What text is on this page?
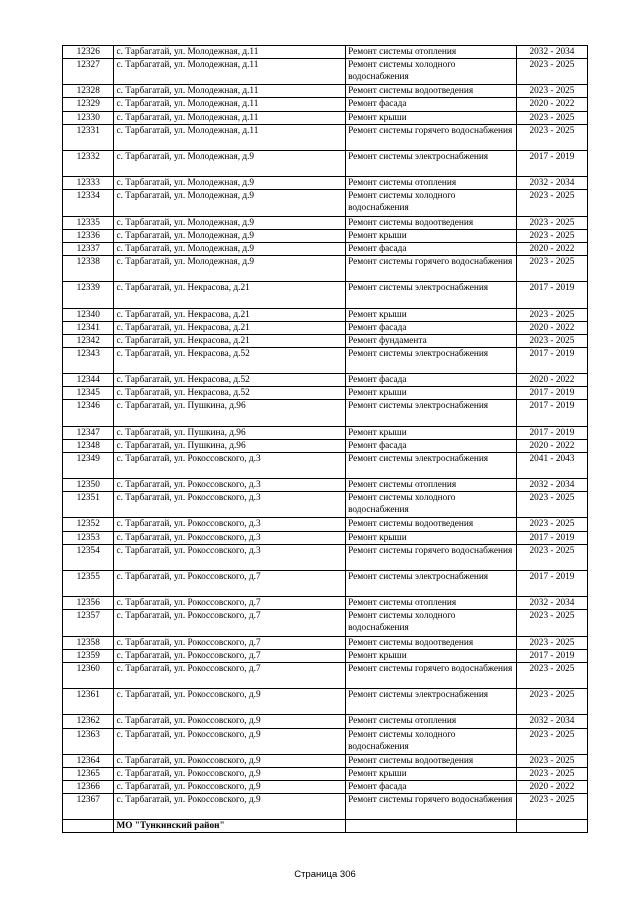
12326	с. Тарбагатай, ул. Молодежная, д.11	Ремонт системы отопления	2032 - 2034
12327	с. Тарбагатай, ул. Молодежная, д.11	Ремонт системы холодного водоснабжения	2023 - 2025
12328	с. Тарбагатай, ул. Молодежная, д.11	Ремонт системы водоотведения	2023 - 2025
12329	с. Тарбагатай, ул. Молодежная, д.11	Ремонт фасада	2020 - 2022
12330	с. Тарбагатай, ул. Молодежная, д.11	Ремонт крыши	2023 - 2025
12331	с. Тарбагатай, ул. Молодежная, д.11	Ремонт системы горячего водоснабжения	2023 - 2025
12332	с. Тарбагатай, ул. Молодежная, д.9	Ремонт системы электроснабжения	2017 - 2019
12333	с. Тарбагатай, ул. Молодежная, д.9	Ремонт системы отопления	2032 - 2034
12334	с. Тарбагатай, ул. Молодежная, д.9	Ремонт системы холодного водоснабжения	2023 - 2025
12335	с. Тарбагатай, ул. Молодежная, д.9	Ремонт системы водоотведения	2023 - 2025
12336	с. Тарбагатай, ул. Молодежная, д.9	Ремонт крыши	2023 - 2025
12337	с. Тарбагатай, ул. Молодежная, д.9	Ремонт фасада	2020 - 2022
12338	с. Тарбагатай, ул. Молодежная, д.9	Ремонт системы горячего водоснабжения	2023 - 2025
12339	с. Тарбагатай, ул. Некрасова, д.21	Ремонт системы электроснабжения	2017 - 2019
12340	с. Тарбагатай, ул. Некрасова, д.21	Ремонт крыши	2023 - 2025
12341	с. Тарбагатай, ул. Некрасова, д.21	Ремонт фасада	2020 - 2022
12342	с. Тарбагатай, ул. Некрасова, д.21	Ремонт фундамента	2023 - 2025
12343	с. Тарбагатай, ул. Некрасова, д.52	Ремонт системы электроснабжения	2017 - 2019
12344	с. Тарбагатай, ул. Некрасова, д.52	Ремонт фасада	2020 - 2022
12345	с. Тарбагатай, ул. Некрасова, д.52	Ремонт крыши	2017 - 2019
12346	с. Тарбагатай, ул. Пушкина, д.96	Ремонт системы электроснабжения	2017 - 2019
12347	с. Тарбагатай, ул. Пушкина, д.96	Ремонт крыши	2017 - 2019
12348	с. Тарбагатай, ул. Пушкина, д.96	Ремонт фасада	2020 - 2022
12349	с. Тарбагатай, ул. Рокоссовского, д.3	Ремонт системы электроснабжения	2041 - 2043
12350	с. Тарбагатай, ул. Рокоссовского, д.3	Ремонт системы отопления	2032 - 2034
12351	с. Тарбагатай, ул. Рокоссовского, д.3	Ремонт системы холодного водоснабжения	2023 - 2025
12352	с. Тарбагатай, ул. Рокоссовского, д.3	Ремонт системы водоотведения	2023 - 2025
12353	с. Тарбагатай, ул. Рокоссовского, д.3	Ремонт крыши	2017 - 2019
12354	с. Тарбагатай, ул. Рокоссовского, д.3	Ремонт системы горячего водоснабжения	2023 - 2025
12355	с. Тарбагатай, ул. Рокоссовского, д.7	Ремонт системы электроснабжения	2017 - 2019
12356	с. Тарбагатай, ул. Рокоссовского, д.7	Ремонт системы отопления	2032 - 2034
12357	с. Тарбагатай, ул. Рокоссовского, д.7	Ремонт системы холодного водоснабжения	2023 - 2025
12358	с. Тарбагатай, ул. Рокоссовского, д.7	Ремонт системы водоотведения	2023 - 2025
12359	с. Тарбагатай, ул. Рокоссовского, д.7	Ремонт крыши	2017 - 2019
12360	с. Тарбагатай, ул. Рокоссовского, д.7	Ремонт системы горячего водоснабжения	2023 - 2025
12361	с. Тарбагатай, ул. Рокоссовского, д.9	Ремонт системы электроснабжения	2023 - 2025
12362	с. Тарбагатай, ул. Рокоссовского, д.9	Ремонт системы отопления	2032 - 2034
12363	с. Тарбагатай, ул. Рокоссовского, д.9	Ремонт системы холодного водоснабжения	2023 - 2025
12364	с. Тарбагатай, ул. Рокоссовского, д.9	Ремонт системы водоотведения	2023 - 2025
12365	с. Тарбагатай, ул. Рокоссовского, д.9	Ремонт крыши	2023 - 2025
12366	с. Тарбагатай, ул. Рокоссовского, д.9	Ремонт фасада	2020 - 2022
12367	с. Тарбагатай, ул. Рокоссовского, д.9	Ремонт системы горячего водоснабжения	2023 - 2025
	МО "Тункинский район"		
Страница 306
